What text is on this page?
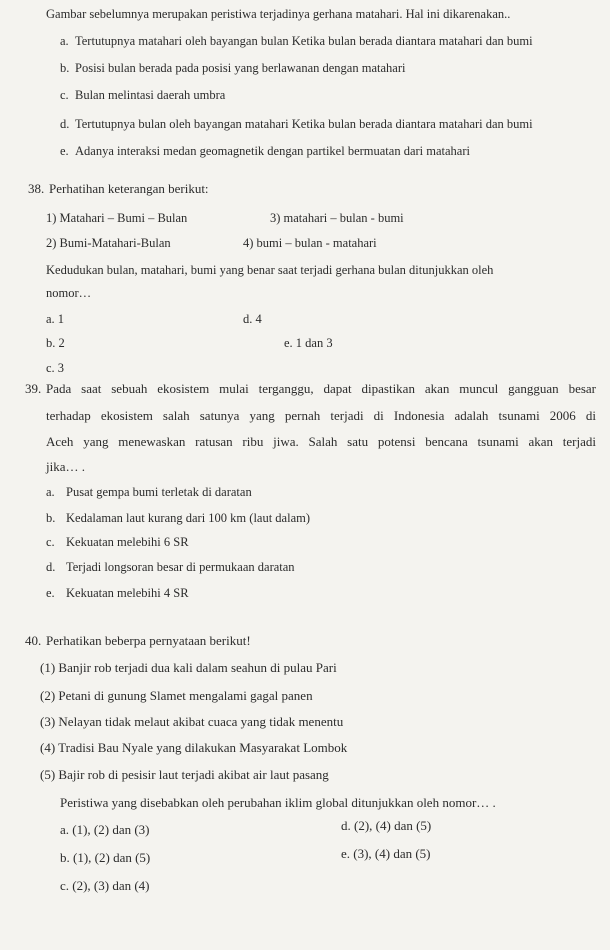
Gambar sebelumnya merupakan peristiwa terjadinya gerhana matahari. Hal ini dikarenakan..
a. Tertutupnya matahari oleh bayangan bulan Ketika bulan berada diantara matahari dan bumi
b. Posisi bulan berada pada posisi yang berlawanan dengan matahari
c. Bulan melintasi daerah umbra
d. Tertutupnya bulan oleh bayangan matahari Ketika bulan berada diantara matahari dan bumi
e. Adanya interaksi medan geomagnetik dengan partikel bermuatan dari matahari
38. Perhatihan keterangan berikut:
1) Matahari – Bumi – Bulan	3) matahari – bulan - bumi
2) Bumi-Matahari-Bulan	4) bumi – bulan - matahari
Kedudukan bulan, matahari, bumi yang benar saat terjadi gerhana bulan ditunjukkan oleh
nomor…
a. 1	d. 4
b. 2	e. 1 dan 3
c. 3
39. Pada saat sebuah ekosistem mulai terganggu, dapat dipastikan akan muncul gangguan besar
terhadap ekosistem salah satunya yang pernah terjadi di Indonesia adalah tsunami 2006 di
Aceh yang menewaskan ratusan ribu jiwa. Salah satu potensi bencana tsunami akan terjadi
jika… .
a. Pusat gempa bumi terletak di daratan
b. Kedalaman laut kurang dari 100 km (laut dalam)
c. Kekuatan melebihi 6 SR
d. Terjadi longsoran besar di permukaan daratan
e. Kekuatan melebihi 4 SR
40. Perhatikan beberpa pernyataan berikut!
(1) Banjir rob terjadi dua kali dalam seahun di pulau Pari
(2) Petani di gunung Slamet mengalami gagal panen
(3) Nelayan tidak melaut akibat cuaca yang tidak menentu
(4) Tradisi Bau Nyale yang dilakukan Masyarakat Lombok
(5) Bajir rob di pesisir laut terjadi akibat air laut pasang
Peristiwa yang disebabkan oleh perubahan iklim global ditunjukkan oleh nomor… .
a. (1), (2) dan (3)	d. (2), (4) dan (5)
b. (1), (2) dan (5)	e. (3), (4) dan (5)
c. (2), (3) dan (4)
